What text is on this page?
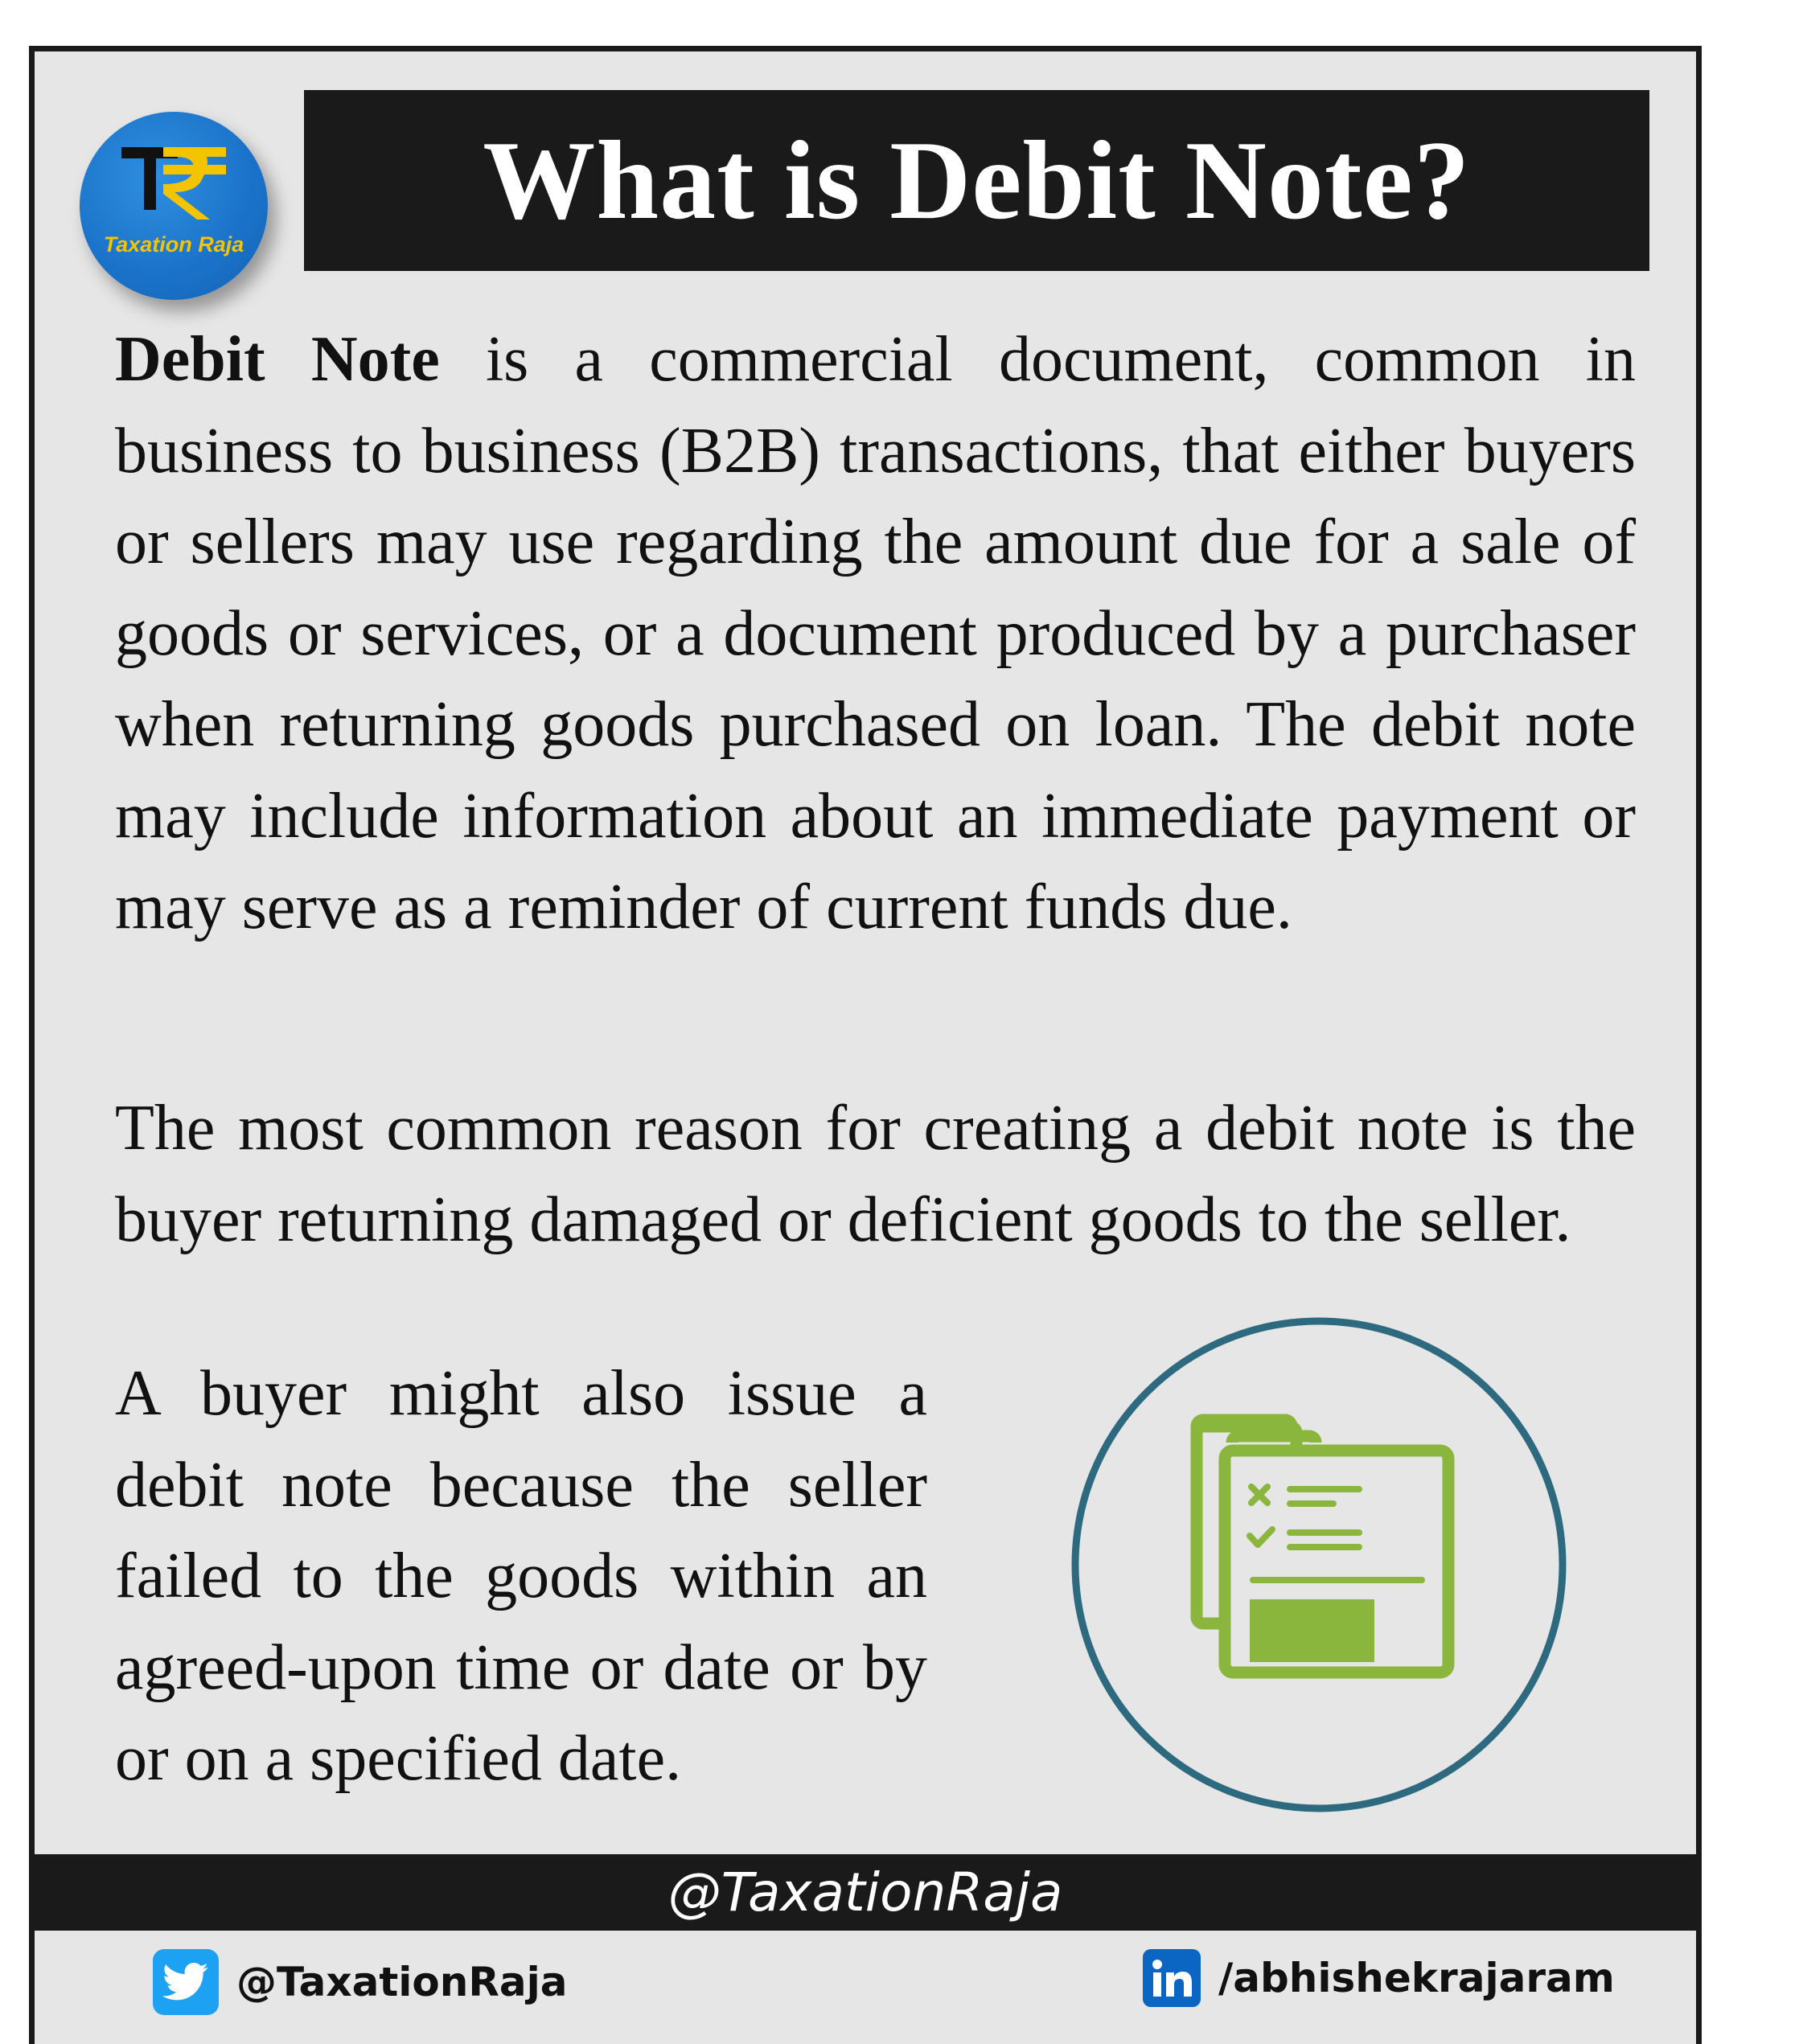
Taxation Raja
What is Debit Note?

Debit Note is a commercial document, common in business to business (B2B) transactions, that either buyers or sellers may use regarding the amount due for a sale of goods or services, or a document produced by a purchaser when returning goods purchased on loan. The debit note may include information about an immediate payment or may serve as a reminder of current funds due.

The most common reason for creating a debit note is the buyer returning damaged or deficient goods to the seller.

A buyer might also issue a debit note because the seller failed to the goods within an agreed-upon time or date or by or on a specified date.

@TaxationRaja
@TaxationRaja	/abhishekrajaram
